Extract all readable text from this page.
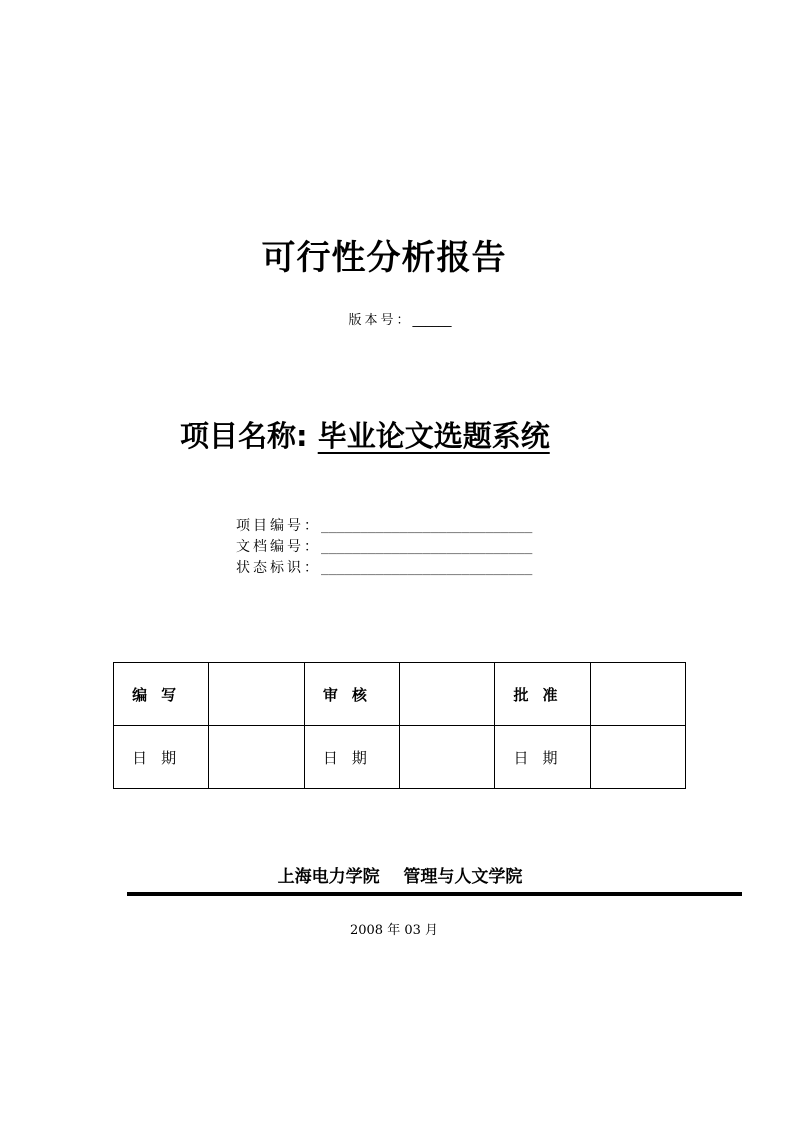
可行性分析报告
版本号：______
项目名称: 毕业论文选题系统
项目编号：___________________________
文档编号：___________________________
状态标识：___________________________
编写		审核		批准	
日期		日期		日期	
上海电力学院    管理与人文学院
2008 年 03 月
